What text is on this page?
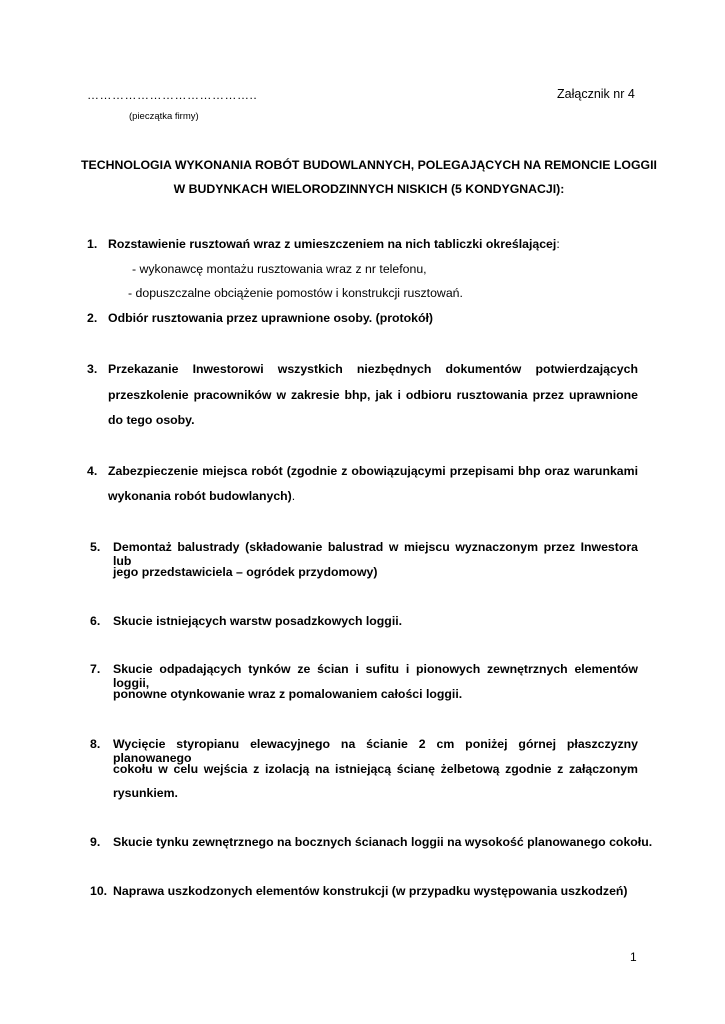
…………………………………..	Załącznik nr 4
(pieczątka firmy)
TECHNOLOGIA WYKONANIA ROBÓT BUDOWLANNYCH, POLEGAJĄCYCH NA REMONCIE LOGGII
W BUDYNKACH WIELORODZINNYCH NISKICH (5 KONDYGNACJI):
1. Rozstawienie rusztowań wraz z umieszczeniem na nich tabliczki określającej:
- wykonawcę montażu rusztowania wraz z nr telefonu,
- dopuszczalne obciążenie pomostów i konstrukcji rusztowań.
2. Odbiór rusztowania przez uprawnione osoby. (protokół)
3. Przekazanie Inwestorowi wszystkich niezbędnych dokumentów potwierdzających
przeszkolenie pracowników w zakresie bhp, jak i odbioru rusztowania przez uprawnione
do tego osoby.
4. Zabezpieczenie miejsca robót (zgodnie z obowiązującymi przepisami bhp oraz warunkami
wykonania robót budowlanych).
5. Demontaż balustrady (składowanie balustrad w miejscu wyznaczonym przez Inwestora lub
jego przedstawiciela – ogródek przydomowy)
6. Skucie istniejących warstw posadzkowych loggii.
7. Skucie odpadających tynków ze ścian i sufitu i pionowych zewnętrznych elementów loggii,
ponowne otynkowanie wraz z pomalowaniem całości loggii.
8. Wycięcie styropianu elewacyjnego na ścianie 2 cm poniżej górnej płaszczyzny planowanego
cokołu w celu wejścia z izolacją na istniejącą ścianę żelbetową zgodnie z załączonym
rysunkiem.
9. Skucie tynku zewnętrznego na bocznych ścianach loggii na wysokość planowanego cokołu.
10. Naprawa uszkodzonych elementów konstrukcji (w przypadku występowania uszkodzeń)
1
